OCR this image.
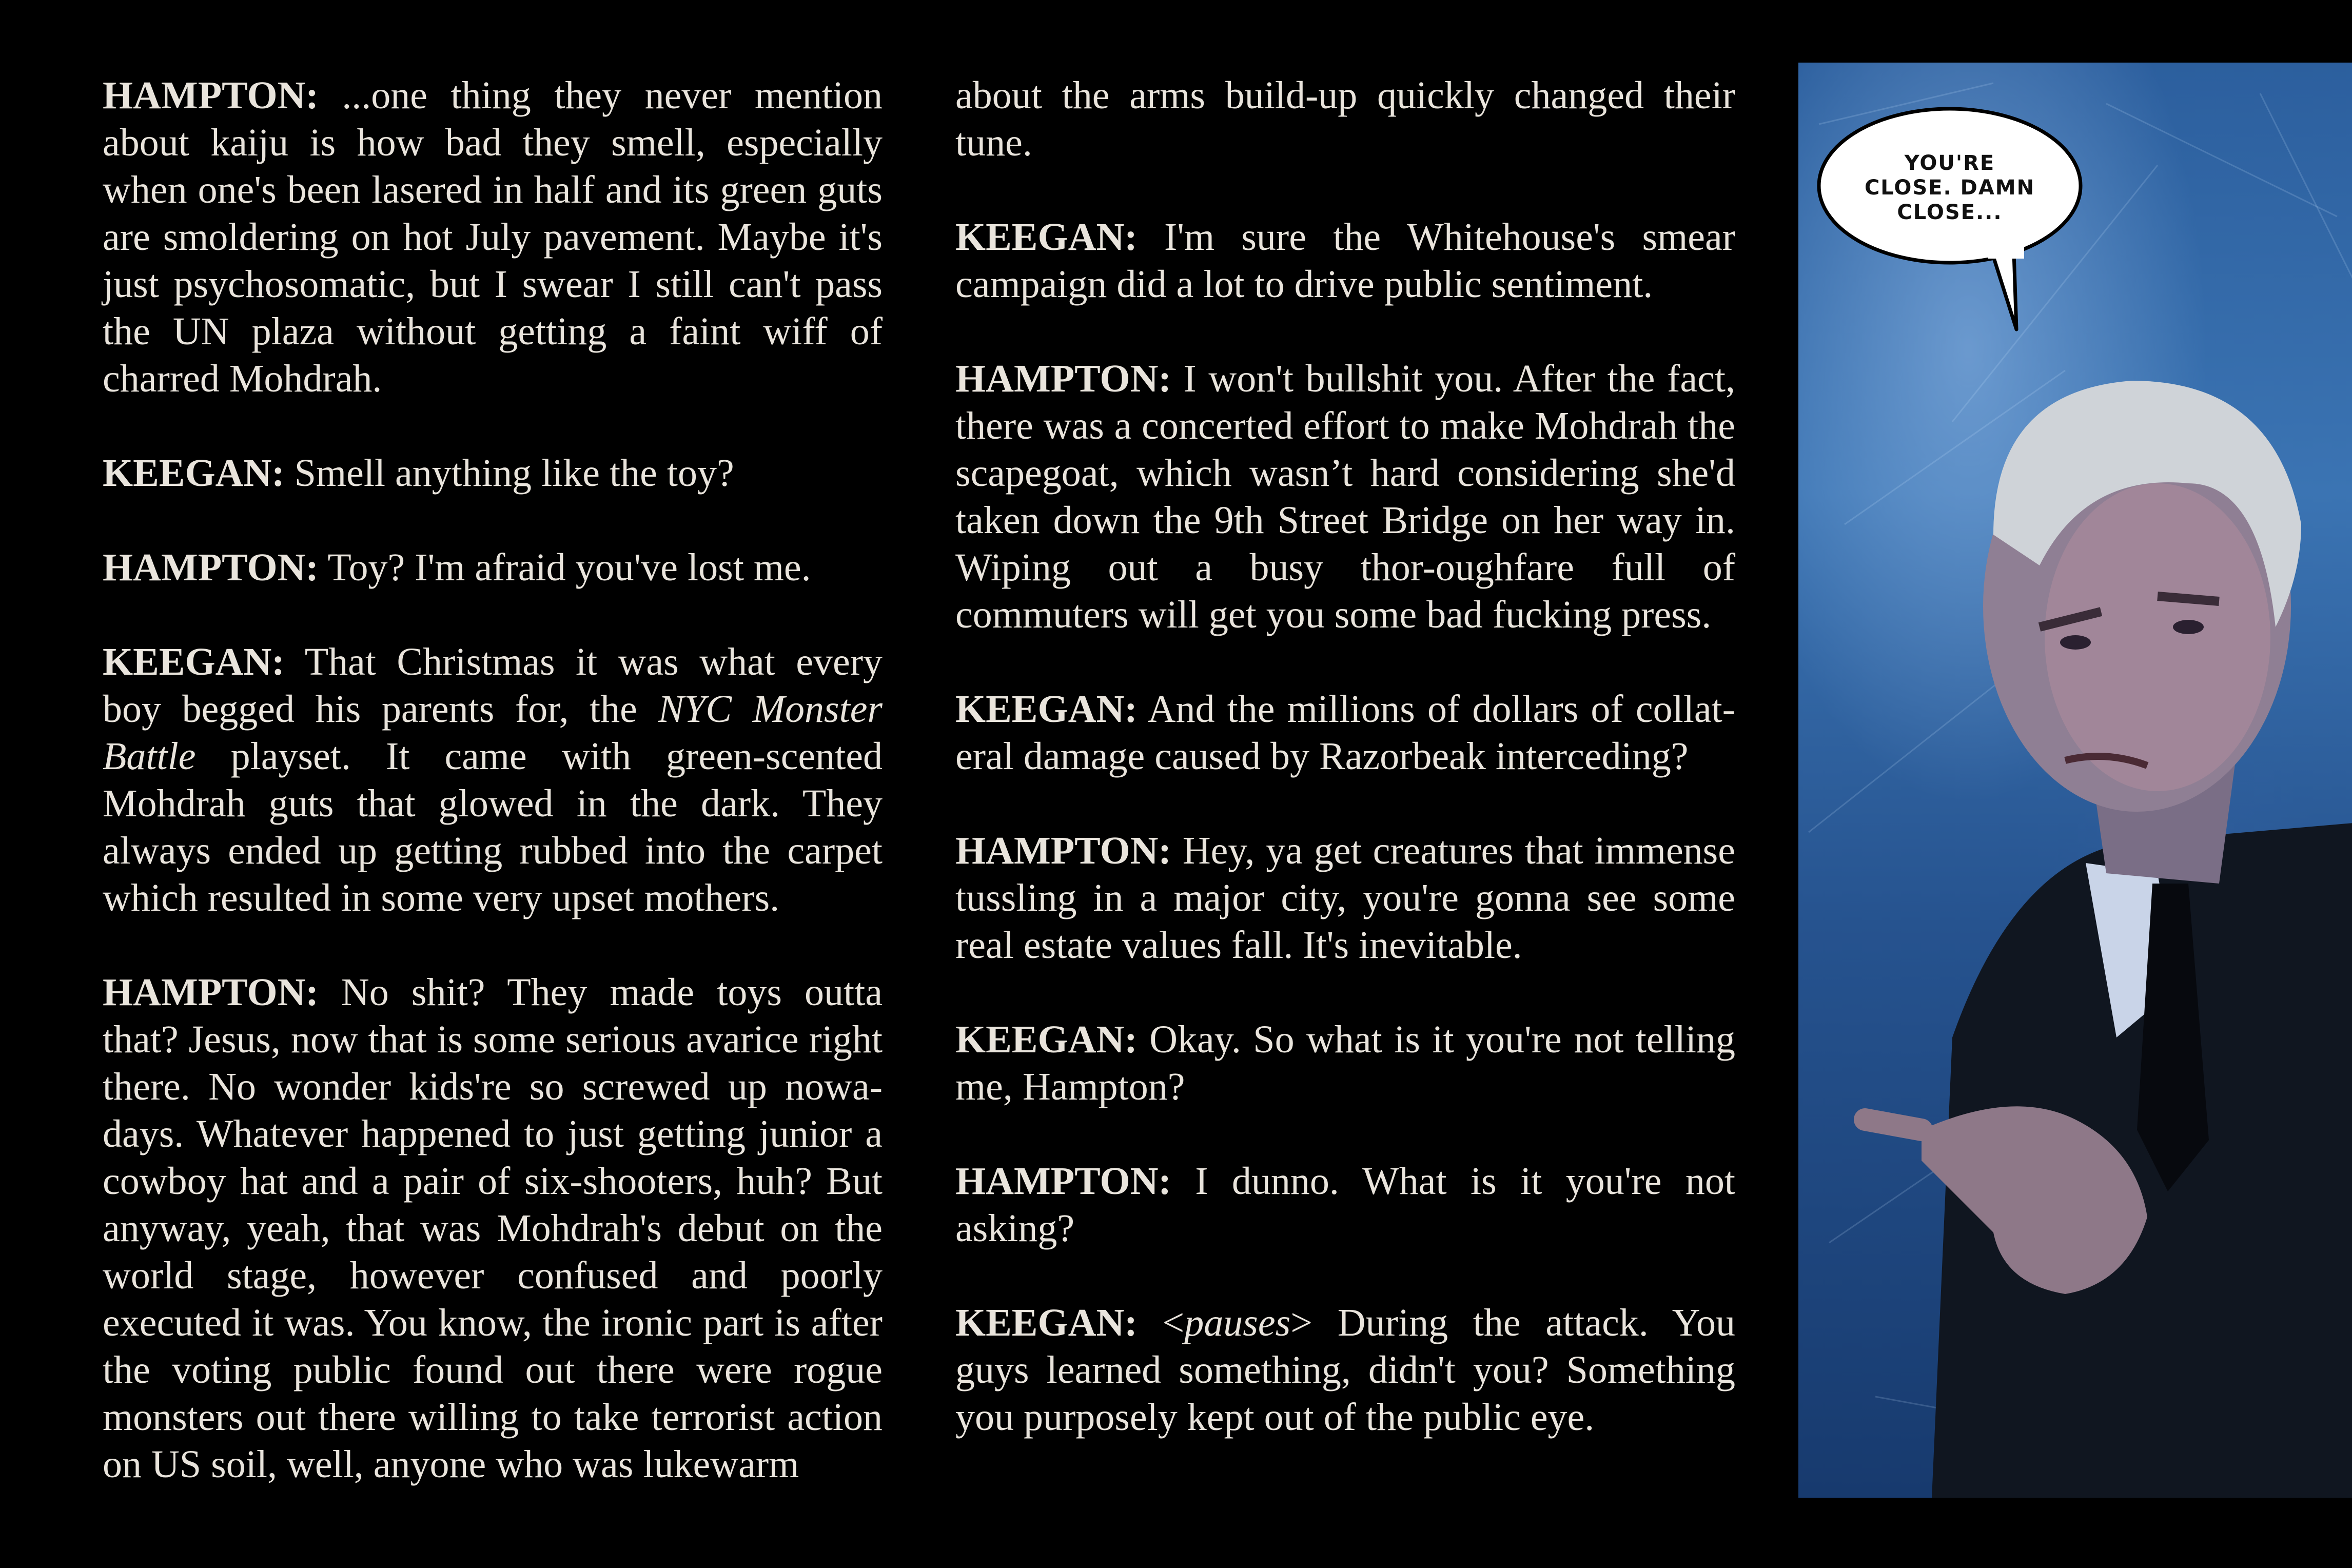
HAMPTON: ...one thing they never mention about kaiju is how bad they smell, especially when one's been lasered in half and its green guts are smoldering on hot July pavement. Maybe it's just psychosomatic, but I swear I still can't pass the UN plaza without getting a faint wiff of charred Mohdrah.

KEEGAN: Smell anything like the toy?

HAMPTON: Toy? I'm afraid you've lost me.

KEEGAN: That Christmas it was what every boy begged his parents for, the NYC Monster Battle playset. It came with green-scented Mohdrah guts that glowed in the dark. They always ended up getting rubbed into the carpet which resulted in some very upset mothers.

HAMPTON: No shit? They made toys outta that? Jesus, now that is some serious avarice right there. No wonder kids're so screwed up nowa-days. Whatever happened to just getting junior a cowboy hat and a pair of six-shooters, huh? But anyway, yeah, that was Mohdrah's debut on the world stage, however confused and poorly executed it was. You know, the ironic part is after the voting public found out there were rogue monsters out there willing to take terrorist action on US soil, well, anyone who was lukewarm

about the arms build-up quickly changed their tune.

KEEGAN: I'm sure the Whitehouse's smear campaign did a lot to drive public sentiment.

HAMPTON: I won't bullshit you. After the fact, there was a concerted effort to make Mohdrah the scapegoat, which wasn’t hard considering she'd taken down the 9th Street Bridge on her way in. Wiping out a busy thor-oughfare full of commuters will get you some bad fucking press.

KEEGAN: And the millions of dollars of collat-eral damage caused by Razorbeak interceding?

HAMPTON: Hey, ya get creatures that immense tussling in a major city, you're gonna see some real estate values fall. It's inevitable.

KEEGAN: Okay. So what is it you're not telling me, Hampton?

HAMPTON: I dunno. What is it you're not asking?

KEEGAN: <pauses> During the attack. You guys learned something, didn't you? Something you purposely kept out of the public eye.

YOU'RE
CLOSE. DAMN
CLOSE...
